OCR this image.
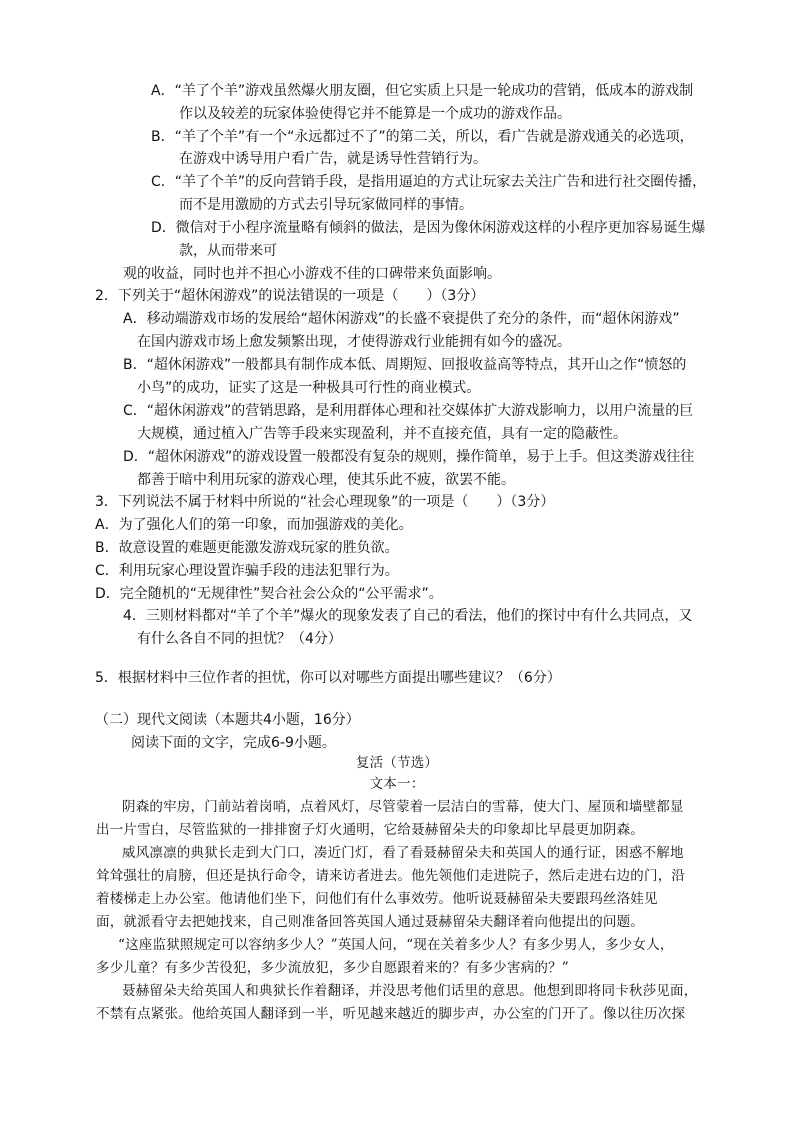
A．“羊了个羊”游戏虽然爆火朋友圈，但它实质上只是一轮成功的营销，低成本的游戏制
作以及较差的玩家体验使得它并不能算是一个成功的游戏作品。
B．“羊了个羊”有一个“永远都过不了”的第二关，所以，看广告就是游戏通关的必选项，
在游戏中诱导用户看广告，就是诱导性营销行为。
C．“羊了个羊”的反向营销手段，是指用逼迫的方式让玩家去关注广告和进行社交圈传播，
而不是用激励的方式去引导玩家做同样的事情。
D．微信对于小程序流量略有倾斜的做法，是因为像休闲游戏这样的小程序更加容易诞生爆
款，从而带来可
观的收益，同时也并不担心小游戏不佳的口碑带来负面影响。
2．下列关于“超休闲游戏”的说法错误的一项是（　　）（3分）
A．移动端游戏市场的发展给“超休闲游戏”的长盛不衰提供了充分的条件，而“超休闲游戏”
在国内游戏市场上愈发频繁出现，才使得游戏行业能拥有如今的盛况。
B．“超休闲游戏”一般都具有制作成本低、周期短、回报收益高等特点，其开山之作“愤怒的
小鸟”的成功，证实了这是一种极具可行性的商业模式。
C．“超休闲游戏”的营销思路，是利用群体心理和社交媒体扩大游戏影响力，以用户流量的巨
大规模，通过植入广告等手段来实现盈利，并不直接充值，具有一定的隐蔽性。
D．“超休闲游戏”的游戏设置一般都没有复杂的规则，操作简单，易于上手。但这类游戏往往
都善于暗中利用玩家的游戏心理，使其乐此不疲，欲罢不能。
3．下列说法不属于材料中所说的“社会心理现象”的一项是（　　）（3分）
A．为了强化人们的第一印象，而加强游戏的美化。
B．故意设置的难题更能激发游戏玩家的胜负欲。
C．利用玩家心理设置诈骗手段的违法犯罪行为。
D．完全随机的“无规律性”契合社会公众的“公平需求”。
4．三则材料都对“羊了个羊”爆火的现象发表了自己的看法，他们的探讨中有什么共同点，又
有什么各自不同的担忧？（4分）
5．根据材料中三位作者的担忧，你可以对哪些方面提出哪些建议？（6分）
（二）现代文阅读（本题共4小题，16分）
阅读下面的文字，完成6-9小题。
复活（节选）
文本一：
阴森的牢房，门前站着岗哨，点着风灯，尽管蒙着一层洁白的雪幕，使大门、屋顶和墙壁都显
出一片雪白，尽管监狱的一排排窗子灯火通明，它给聂赫留朵夫的印象却比早晨更加阴森。
威风凛凛的典狱长走到大门口，凑近门灯，看了看聂赫留朵夫和英国人的通行证，困惑不解地
耸耸强壮的肩膀，但还是执行命令，请来访者进去。他先领他们走进院子，然后走进右边的门，沿
着楼梯走上办公室。他请他们坐下，问他们有什么事效劳。他听说聂赫留朵夫要跟玛丝洛娃见
面，就派看守去把她找来，自己则准备回答英国人通过聂赫留朵夫翻译着向他提出的问题。
“这座监狱照规定可以容纳多少人？”英国人问，“现在关着多少人？有多少男人，多少女人，
多少儿童？有多少苦役犯，多少流放犯，多少自愿跟着来的？有多少害病的？”
聂赫留朵夫给英国人和典狱长作着翻译，并没思考他们话里的意思。他想到即将同卡秋莎见面，
不禁有点紧张。他给英国人翻译到一半，听见越来越近的脚步声，办公室的门开了。像以往历次探
